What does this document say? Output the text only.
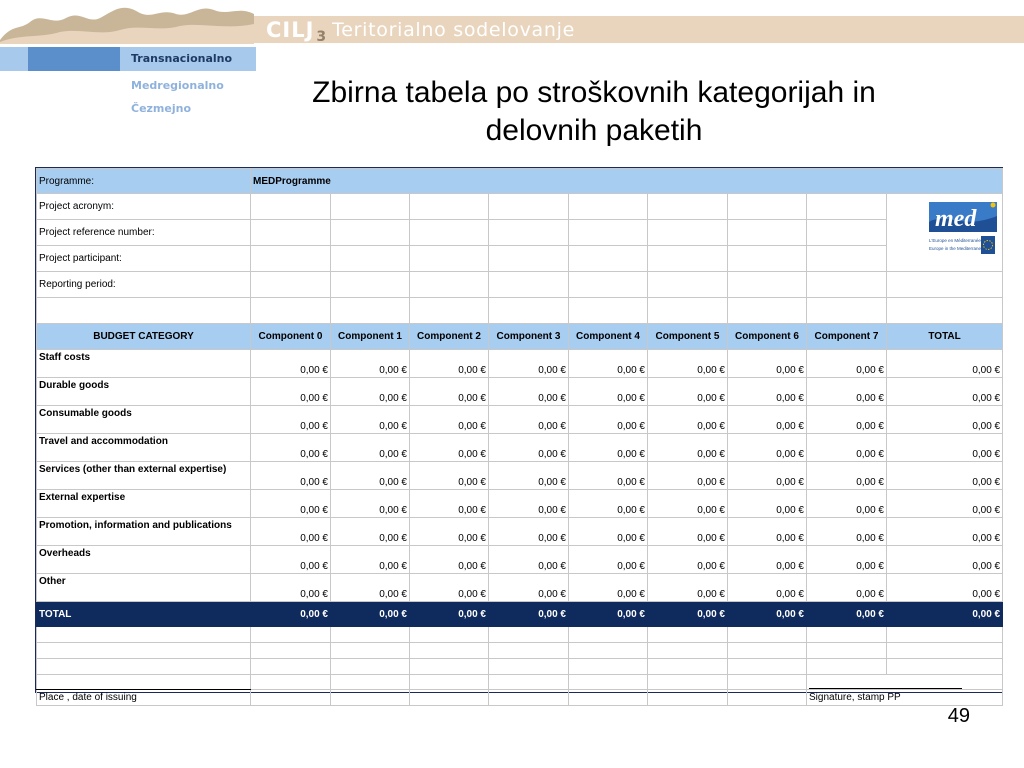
CILJ 3 Teritorialno sodelovanje
Transnacionalno
Medregionalno
Čezmejno	Zbirna tabela po stroškovnih kategorijah in
delovnih paketih
Programme:	MEDProgramme								
Project acronym:									med
L'Europe en Méditerranée
Europe in the Mediterranean

Project reference number:									
Project participant:									
Reporting period:									

BUDGET CATEGORY	Component 0	Component 1	Component 2	Component 3	Component 4	Component 5	Component 6	Component 7	TOTAL
Staff costs	0,00 €	0,00 €	0,00 €	0,00 €	0,00 €	0,00 €	0,00 €	0,00 €	0,00 €
Durable goods	0,00 €	0,00 €	0,00 €	0,00 €	0,00 €	0,00 €	0,00 €	0,00 €	0,00 €
Consumable goods	0,00 €	0,00 €	0,00 €	0,00 €	0,00 €	0,00 €	0,00 €	0,00 €	0,00 €
Travel and accommodation	0,00 €	0,00 €	0,00 €	0,00 €	0,00 €	0,00 €	0,00 €	0,00 €	0,00 €
Services (other than external expertise)	0,00 €	0,00 €	0,00 €	0,00 €	0,00 €	0,00 €	0,00 €	0,00 €	0,00 €
External expertise	0,00 €	0,00 €	0,00 €	0,00 €	0,00 €	0,00 €	0,00 €	0,00 €	0,00 €
Promotion, information and publications	0,00 €	0,00 €	0,00 €	0,00 €	0,00 €	0,00 €	0,00 €	0,00 €	0,00 €
Overheads	0,00 €	0,00 €	0,00 €	0,00 €	0,00 €	0,00 €	0,00 €	0,00 €	0,00 €
Other	0,00 €	0,00 €	0,00 €	0,00 €	0,00 €	0,00 €	0,00 €	0,00 €	0,00 €
TOTAL	0,00 €	0,00 €	0,00 €	0,00 €	0,00 €	0,00 €	0,00 €	0,00 €	0,00 €

Place , date of issuing								Signature, stamp PP	
49
